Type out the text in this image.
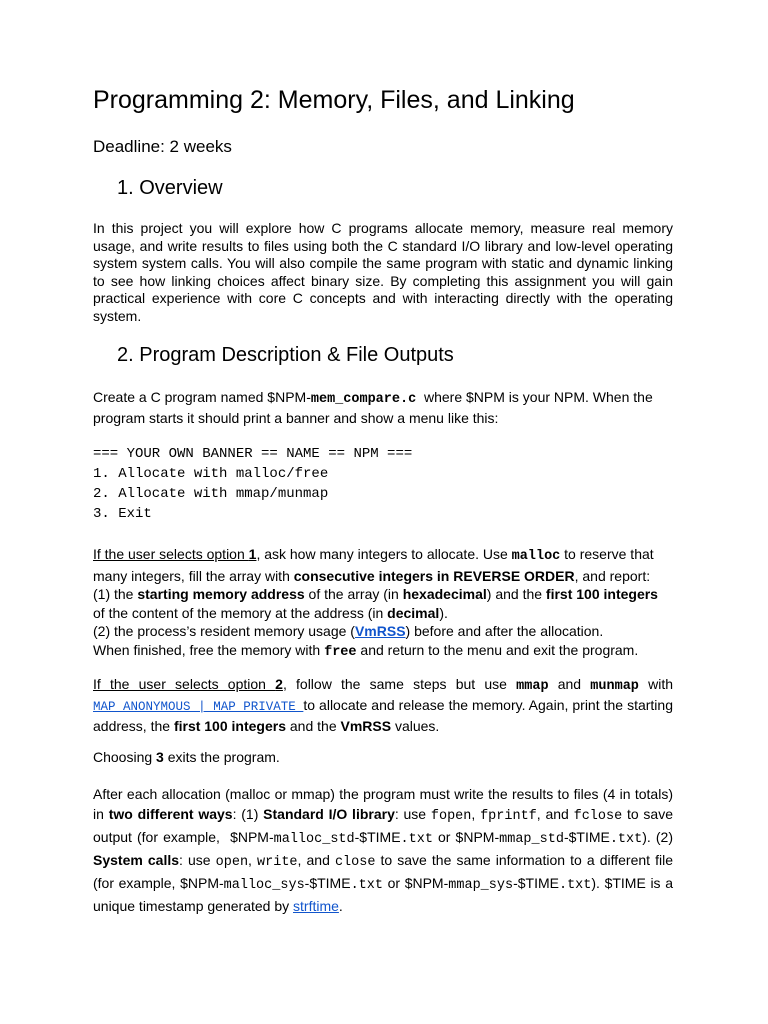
Programming 2: Memory, Files, and Linking
Deadline: 2 weeks
1. Overview

In this project you will explore how C programs allocate memory, measure real memory usage, and write results to files using both the C standard I/O library and low-level operating system system calls. You will also compile the same program with static and dynamic linking to see how linking choices affect binary size. By completing this assignment you will gain practical experience with core C concepts and with interacting directly with the operating system.

2. Program Description & File Outputs

Create a C program named $NPM-mem_compare.c  where $NPM is your NPM. When the program starts it should print a banner and show a menu like this:

=== YOUR OWN BANNER == NAME == NPM ===
1. Allocate with malloc/free
2. Allocate with mmap/munmap
3. Exit
If the user selects option 1, ask how many integers to allocate. Use malloc to reserve that many integers, fill the array with consecutive integers in REVERSE ORDER, and report:
(1) the starting memory address of the array (in hexadecimal) and the first 100 integers of the content of the memory at the address (in decimal).
(2) the process’s resident memory usage (VmRSS) before and after the allocation.
When finished, free the memory with free and return to the menu and exit the program.

If the user selects option 2, follow the same steps but use mmap and munmap with MAP_ANONYMOUS | MAP_PRIVATE to allocate and release the memory. Again, print the starting address, the first 100 integers and the VmRSS values.

Choosing 3 exits the program.

After each allocation (malloc or mmap) the program must write the results to files (4 in totals) in two different ways: (1) Standard I/O library: use fopen, fprintf, and fclose to save output (for example,  $NPM-malloc_std-$TIME.txt or $NPM-mmap_std-$TIME.txt). (2) System calls: use open, write, and close to save the same information to a different file (for example, $NPM-malloc_sys-$TIME.txt or $NPM-mmap_sys-$TIME.txt). $TIME is a unique timestamp generated by strftime.
